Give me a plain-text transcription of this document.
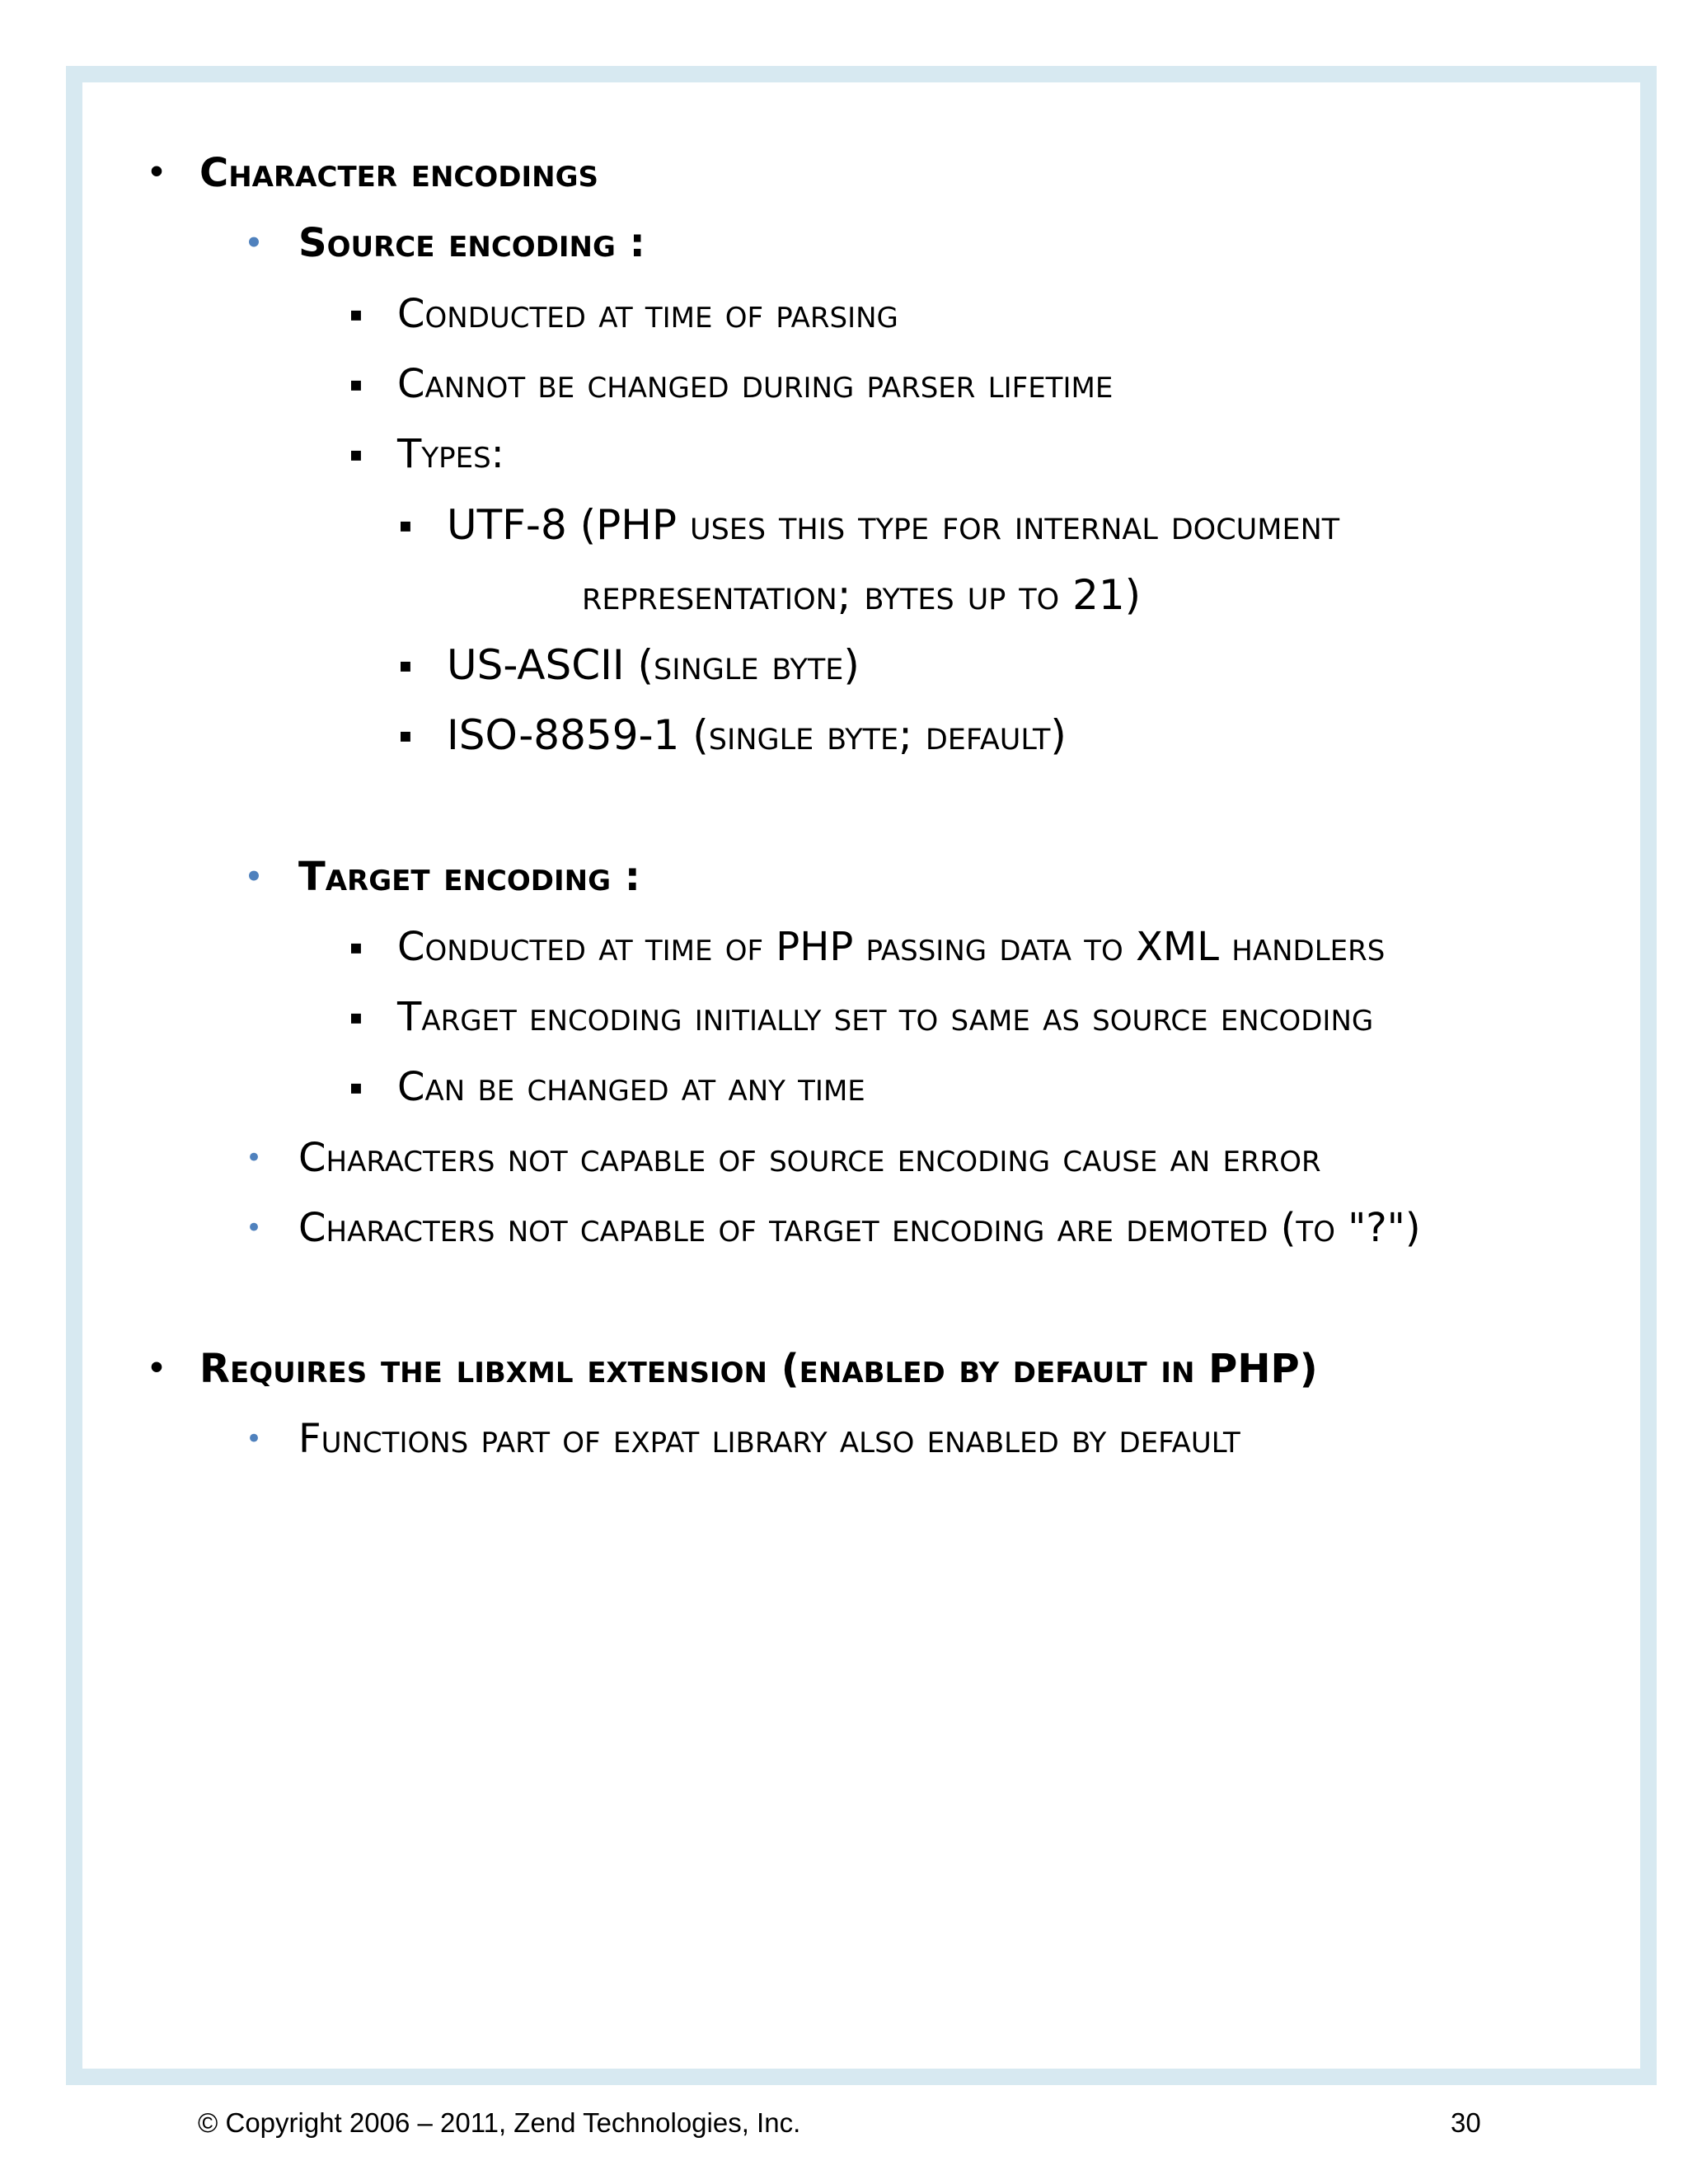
• Character encodings
• Source encoding :
▪ Conducted at time of parsing
▪ Cannot be changed during parser lifetime
▪ Types:
▪ UTF-8 (PHP uses this type for internal document
representation; bytes up to 21)
▪ US-ASCII (single byte)
▪ ISO-8859-1 (single byte; default)
• Target encoding :
▪ Conducted at time of PHP passing data to XML handlers
▪ Target encoding initially set to same as source encoding
▪ Can be changed at any time
• Characters not capable of source encoding cause an error
• Characters not capable of target encoding are demoted (to "?")
• Requires the libxml extension (enabled by default in PHP)
• Functions part of expat library also enabled by default
© Copyright 2006 – 2011, Zend Technologies, Inc.	30
